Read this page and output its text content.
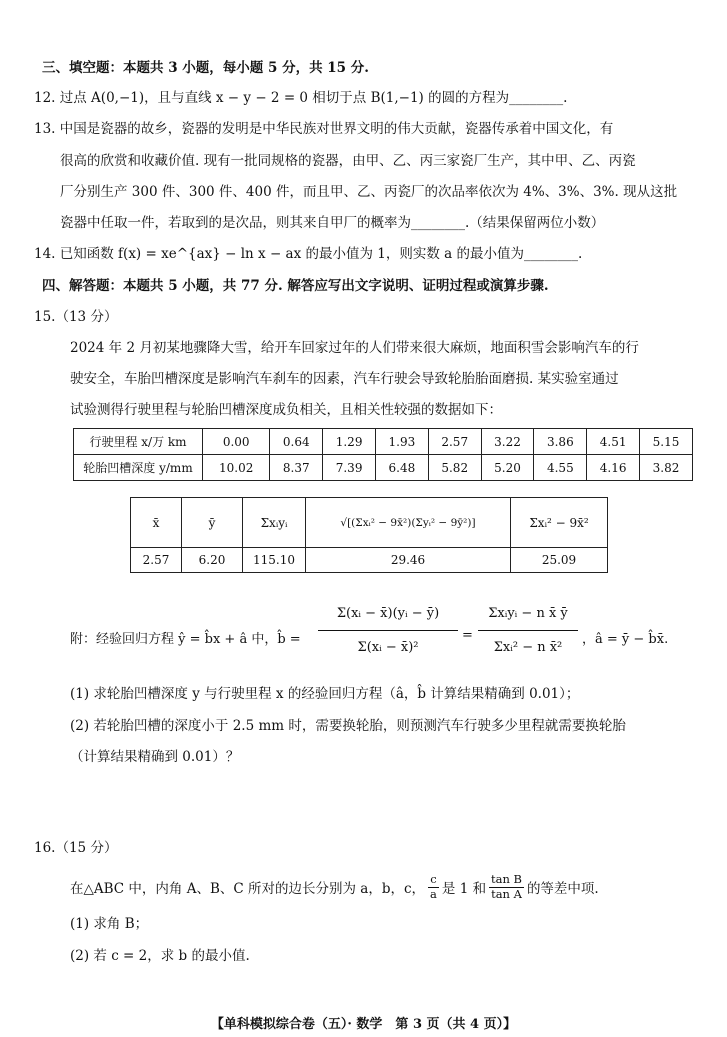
三、填空题：本题共 3 小题，每小题 5 分，共 15 分.
12. 过点 A(0,−1)，且与直线 x − y − 2 = 0 相切于点 B(1,−1) 的圆的方程为________.
13. 中国是瓷器的故乡，瓷器的发明是中华民族对世界文明的伟大贡献，瓷器传承着中国文化，有
很高的欣赏和收藏价值. 现有一批同规格的瓷器，由甲、乙、丙三家瓷厂生产，其中甲、乙、丙瓷
厂分别生产 300 件、300 件、400 件，而且甲、乙、丙瓷厂的次品率依次为 4%、3%、3%. 现从这批
瓷器中任取一件，若取到的是次品，则其来自甲厂的概率为________.（结果保留两位小数）
14. 已知函数 f(x) = xe^{ax} − ln x − ax 的最小值为 1，则实数 a 的最小值为________.
四、解答题：本题共 5 小题，共 77 分. 解答应写出文字说明、证明过程或演算步骤.
15.（13 分）
2024 年 2 月初某地骤降大雪，给开车回家过年的人们带来很大麻烦，地面积雪会影响汽车的行
驶安全，车胎凹槽深度是影响汽车刹车的因素，汽车行驶会导致轮胎胎面磨损. 某实验室通过
试验测得行驶里程与轮胎凹槽深度成负相关，且相关性较强的数据如下：
行驶里程 x/万 km	0.00	0.64	1.29	1.93	2.57	3.22	3.86	4.51	5.15
轮胎凹槽深度 y/mm	10.02	8.37	7.39	6.48	5.82	5.20	4.55	4.16	3.82
x̄	ȳ	Σxᵢyᵢ	√[(Σxᵢ² − 9x̄²)(Σyᵢ² − 9ȳ²)]	Σxᵢ² − 9x̄²
2.57	6.20	115.10	29.46	25.09
附：经验回归方程 ŷ = b̂x + â 中，b̂ =
Σ(xᵢ − x̄)(yᵢ − ȳ)
Σ(xᵢ − x̄)²
=
Σxᵢyᵢ − n x̄ ȳ
Σxᵢ² − n x̄²
，â = ȳ − b̂x̄.
(1) 求轮胎凹槽深度 y 与行驶里程 x 的经验回归方程（â，b̂ 计算结果精确到 0.01）；
(2) 若轮胎凹槽的深度小于 2.5 mm 时，需要换轮胎，则预测汽车行驶多少里程就需要换轮胎
（计算结果精确到 0.01）？
16.（15 分）
在△ABC 中，内角 A、B、C 所对的边长分别为 a，b，c， $\frac{c}{a}$ 是 1 和 $\frac{\text{tan B}}{\text{tan A}}$ 的等差中项.
(1) 求角 B；
(2) 若 c = 2，求 b 的最小值.
【单科模拟综合卷（五）· 数学　第 3 页（共 4 页）】
